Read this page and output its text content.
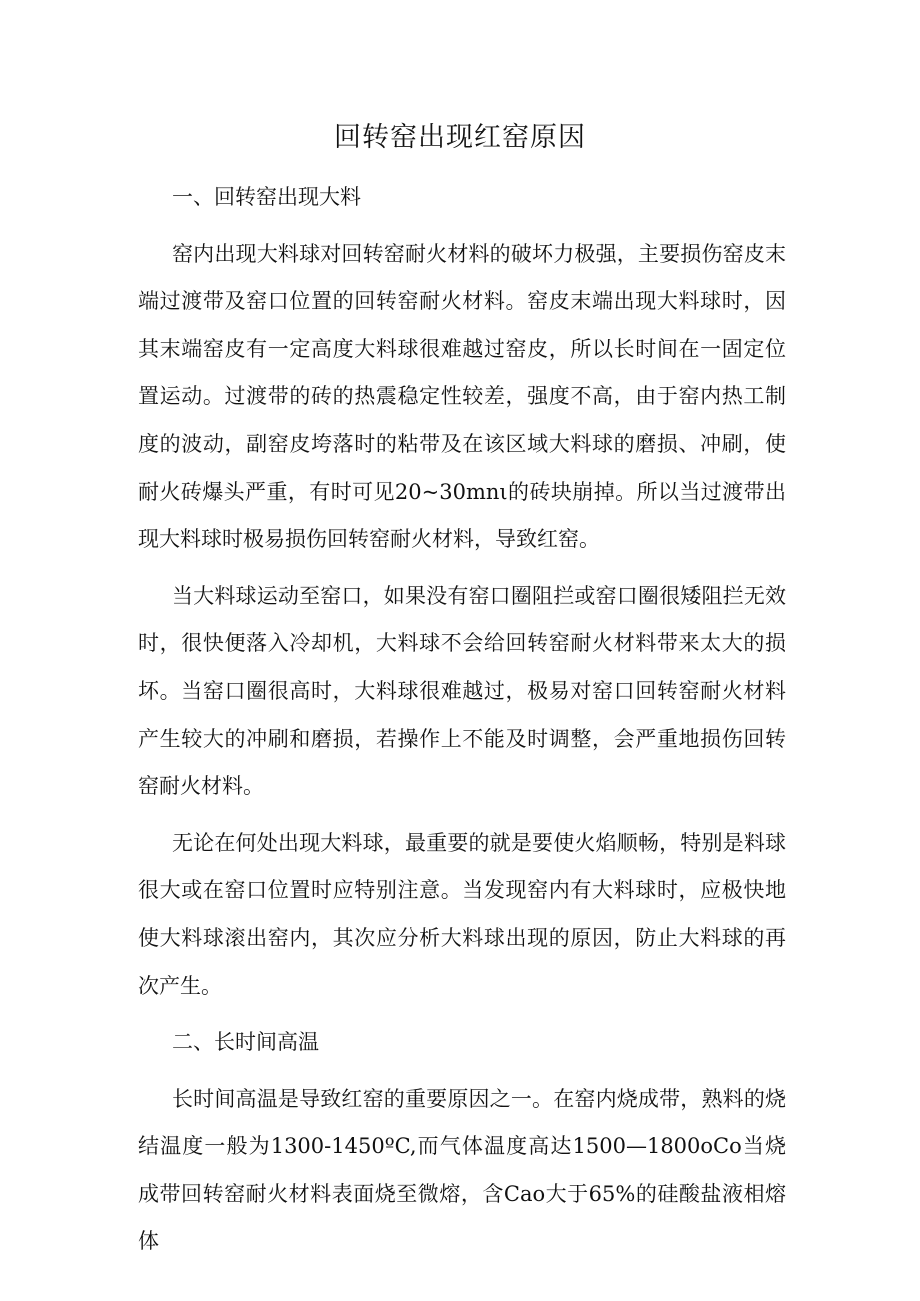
回转窑出现红窑原因

一、回转窑出现大料

窑内出现大料球对回转窑耐火材料的破坏力极强，主要损伤窑皮末端过渡带及窑口位置的回转窑耐火材料。窑皮末端出现大料球时，因其末端窑皮有一定高度大料球很难越过窑皮，所以长时间在一固定位置运动。过渡带的砖的热震稳定性较差，强度不高，由于窑内热工制度的波动，副窑皮垮落时的粘带及在该区域大料球的磨损、冲刷，使耐火砖爆头严重，有时可见20~30mnι的砖块崩掉。所以当过渡带出现大料球时极易损伤回转窑耐火材料，导致红窑。

当大料球运动至窑口，如果没有窑口圈阻拦或窑口圈很矮阻拦无效时，很快便落入冷却机，大料球不会给回转窑耐火材料带来太大的损坏。当窑口圈很高时，大料球很难越过，极易对窑口回转窑耐火材料产生较大的冲刷和磨损，若操作上不能及时调整，会严重地损伤回转窑耐火材料。

无论在何处出现大料球，最重要的就是要使火焰顺畅，特别是料球很大或在窑口位置时应特别注意。当发现窑内有大料球时，应极快地使大料球滚出窑内，其次应分析大料球出现的原因，防止大料球的再次产生。

二、长时间高温

长时间高温是导致红窑的重要原因之一。在窑内烧成带，熟料的烧结温度一般为1300-1450ºC,而气体温度高达1500—1800oCo当烧成带回转窑耐火材料表面烧至微熔，含Cao大于65%的硅酸盐液相熔体
